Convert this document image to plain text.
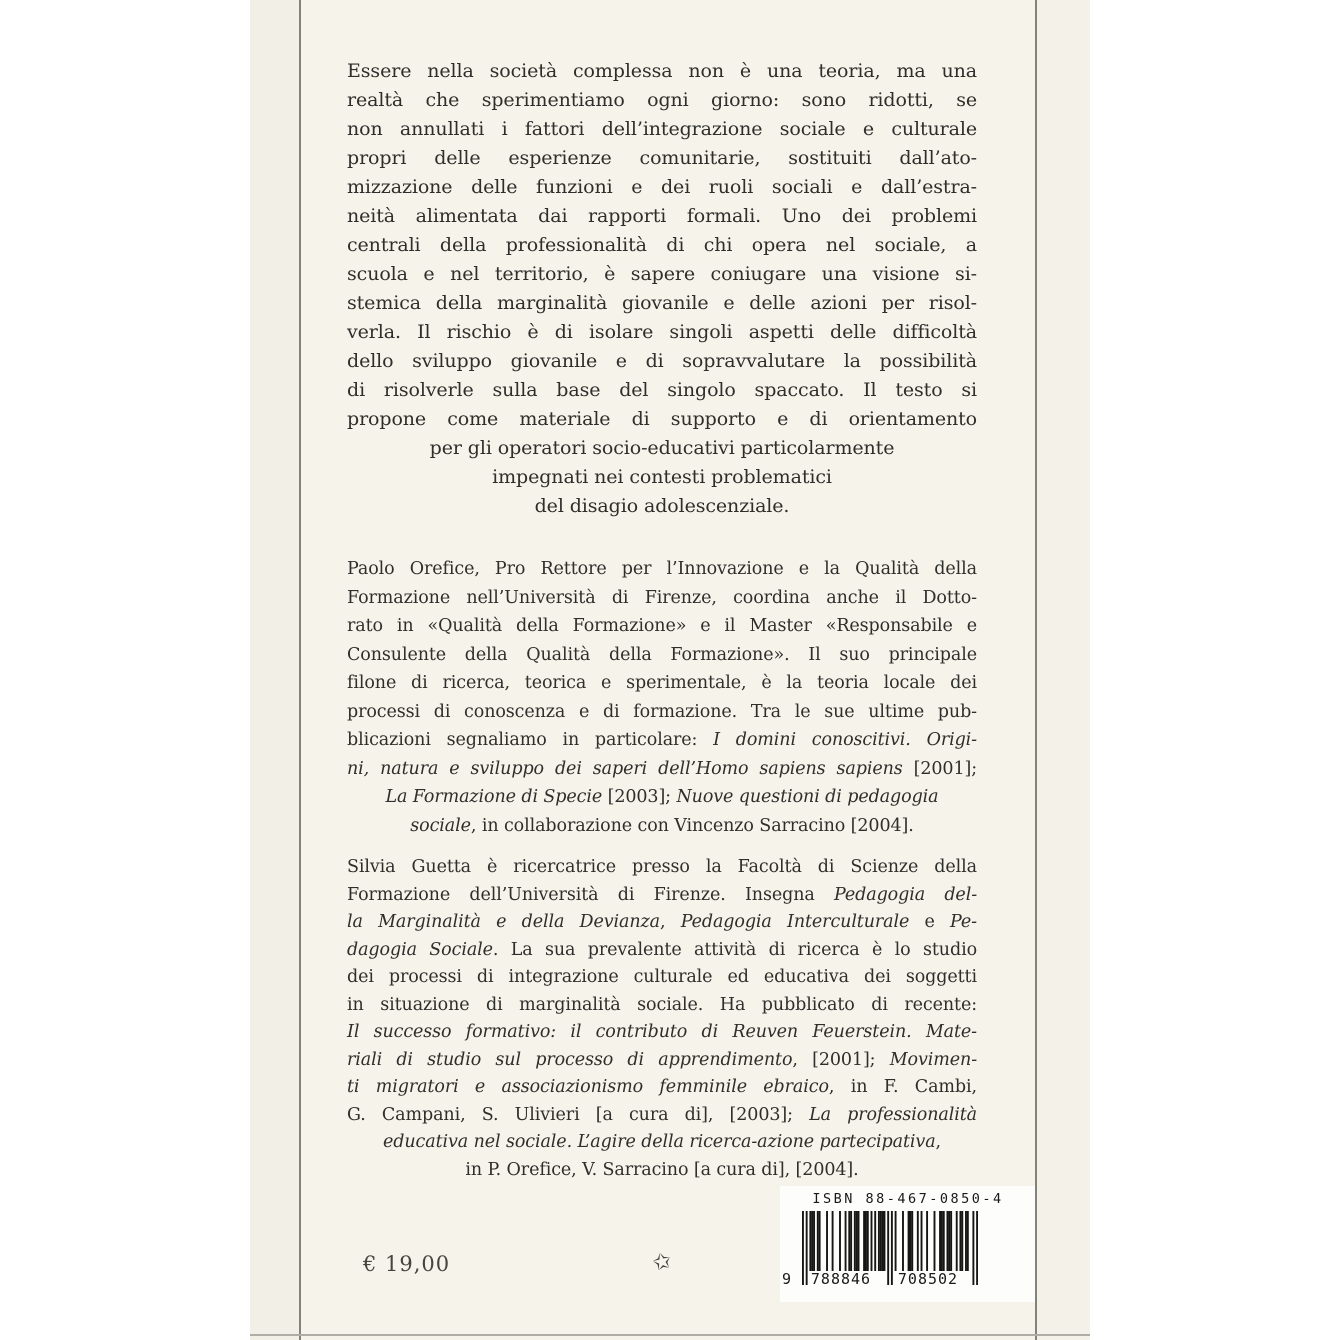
Essere nella società complessa non è una teoria, ma una
realtà che sperimentiamo ogni giorno: sono ridotti, se
non annullati i fattori dell’integrazione sociale e culturale
propri delle esperienze comunitarie, sostituiti dall’ato-
mizzazione delle funzioni e dei ruoli sociali e dall’estra-
neità alimentata dai rapporti formali. Uno dei problemi
centrali della professionalità di chi opera nel sociale, a
scuola e nel territorio, è sapere coniugare una visione si-
stemica della marginalità giovanile e delle azioni per risol-
verla. Il rischio è di isolare singoli aspetti delle difficoltà
dello sviluppo giovanile e di sopravvalutare la possibilità
di risolverle sulla base del singolo spaccato. Il testo si
propone come materiale di supporto e di orientamento
per gli operatori socio-educativi particolarmente
impegnati nei contesti problematici
del disagio adolescenziale.
Paolo Orefice, Pro Rettore per l’Innovazione e la Qualità della
Formazione nell’Università di Firenze, coordina anche il Dotto-
rato in «Qualità della Formazione» e il Master «Responsabile e
Consulente della Qualità della Formazione». Il suo principale
filone di ricerca, teorica e sperimentale, è la teoria locale dei
processi di conoscenza e di formazione. Tra le sue ultime pub-
blicazioni segnaliamo in particolare: I domini conoscitivi. Origi-
ni, natura e sviluppo dei saperi dell’Homo sapiens sapiens [2001];
La Formazione di Specie [2003]; Nuove questioni di pedagogia
sociale, in collaborazione con Vincenzo Sarracino [2004].
Silvia Guetta è ricercatrice presso la Facoltà di Scienze della
Formazione dell’Università di Firenze. Insegna Pedagogia del-
la Marginalità e della Devianza, Pedagogia Interculturale e Pe-
dagogia Sociale. La sua prevalente attività di ricerca è lo studio
dei processi di integrazione culturale ed educativa dei soggetti
in situazione di marginalità sociale. Ha pubblicato di recente:
Il successo formativo: il contributo di Reuven Feuerstein. Mate-
riali di studio sul processo di apprendimento, [2001]; Movimen-
ti migratori e associazionismo femminile ebraico, in F. Cambi,
G. Campani, S. Ulivieri [a cura di], [2003]; La professionalità
educativa nel sociale. L’agire della ricerca-azione partecipativa,
in P. Orefice, V. Sarracino [a cura di], [2004].
€ 19,00	✩
ISBN 88-467-0850-4
9 788846 708502
